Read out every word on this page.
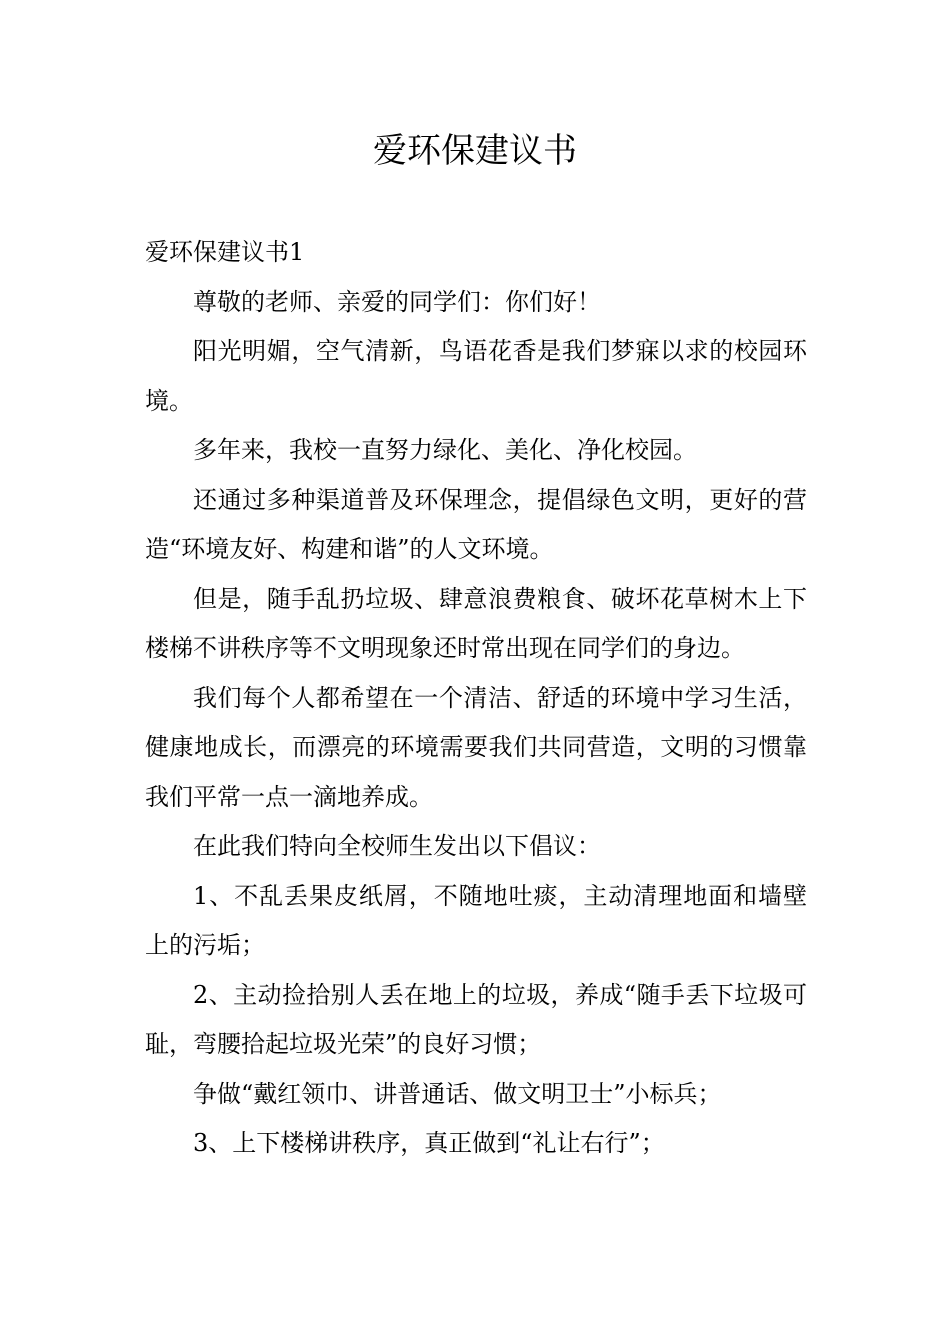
爱环保建议书

爱环保建议书1

尊敬的老师、亲爱的同学们：你们好！

阳光明媚，空气清新，鸟语花香是我们梦寐以求的校园环境。

多年来，我校一直努力绿化、美化、净化校园。

还通过多种渠道普及环保理念，提倡绿色文明，更好的营造“环境友好、构建和谐”的人文环境。

但是，随手乱扔垃圾、肆意浪费粮食、破坏花草树木上下楼梯不讲秩序等不文明现象还时常出现在同学们的身边。

我们每个人都希望在一个清洁、舒适的环境中学习生活，健康地成长，而漂亮的环境需要我们共同营造，文明的习惯靠我们平常一点一滴地养成。

在此我们特向全校师生发出以下倡议：

1、不乱丢果皮纸屑，不随地吐痰，主动清理地面和墙壁上的污垢；

2、主动捡拾别人丢在地上的垃圾，养成“随手丢下垃圾可耻，弯腰拾起垃圾光荣”的良好习惯；

争做“戴红领巾、讲普通话、做文明卫士”小标兵；

3、上下楼梯讲秩序，真正做到“礼让右行”；
